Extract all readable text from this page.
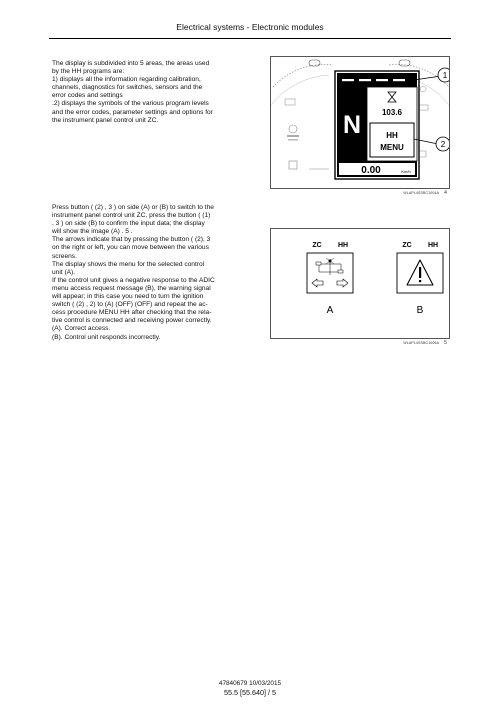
Electrical systems - Electronic modules

The display is subdivided into 5 areas, the areas used

by the HH programs are:

1) displays all the information regarding calibration,

channels, diagnostics for switches, sensors and the

error codes and settings

.2) displays the symbols of the various program levels

and the error codes, parameter settings and options for

the instrument panel control unit ZC.

Press button ( (2) , 3 ) on side (A) or (B) to switch to the

instrument panel control unit ZC, press the button ( (1)

, 3 ) on side (B) to confirm the input data; the display

will show the image (A) . 5 .

The arrows indicate that by pressing the button ( (2), 3

on the right or left, you can move between the various

screens.

The display shows the menu for the selected control

unit (A).

If the control unit gives a negative response to the ADIC

menu access request message (B), the warning signal

will appear; in this case you need to turn the ignition

switch ( (2) , 2) to (A) (OFF) (OFF) and repeat the ac-

cess procedure MENU HH after checking that the rela-

tive control is connected and receiving power correctly.

(A). Correct access.

(B). Control unit responds incorrectly.

N	103.6
HH
MENU
0.00	Km/h
1
2
WLAPL4SSBC1004A 4
ZC HH
A
ZC HH
B
WLAPL4SSBC1006A 5
47840679 10/03/2015
55.5 [55.640] / 5
